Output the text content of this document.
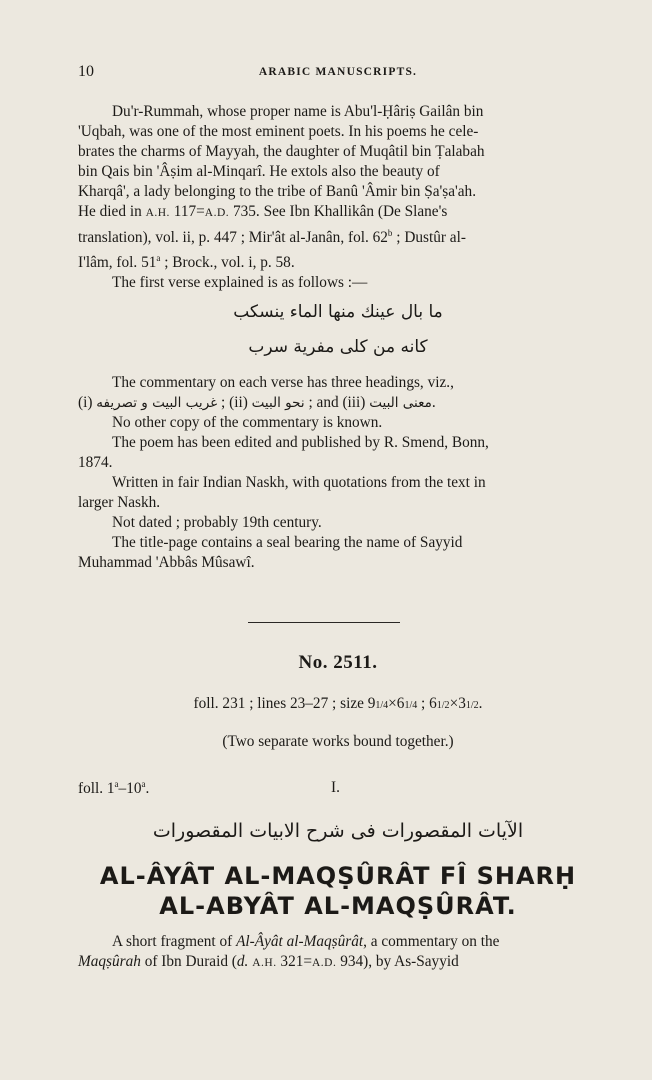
10	ARABIC MANUSCRIPTS.

Du'r-Rummah, whose proper name is Abu'l-Ḥâriṣ Gailân bin

'Uqbah, was one of the most eminent poets. In his poems he cele-

brates the charms of Mayyah, the daughter of Muqâtil bin Ṭalabah

bin Qais bin 'Âṣim al-Minqarî. He extols also the beauty of

Kharqâ', a lady belonging to the tribe of Banû 'Âmir bin Ṣa'ṣa'ah.

He died in A.H. 117=A.D. 735. See Ibn Khallikân (De Slane's

translation), vol. ii, p. 447 ; Mir'ât al-Janân, fol. 62$^b$ ; Dustûr al-

I'lâm, fol. 51$^a$ ; Brock., vol. i, p. 58.

The first verse explained is as follows :—

ما بال عينك منها الماء ينسكب
كانه من كلى مفرية سرب

The commentary on each verse has three headings, viz.,

(i) غريب البيت و تصريفه ; (ii) نحو البيت ; and (iii) معنى البيت.

No other copy of the commentary is known.

The poem has been edited and published by R. Smend, Bonn,

1874.

Written in fair Indian Naskh, with quotations from the text in

larger Naskh.

Not dated ; probably 19th century.

The title-page contains a seal bearing the name of Sayyid

Muhammad 'Abbâs Mûsawî.

No. 2511.
foll. 231 ; lines 23–27 ; size 91/4×61/4 ; 61/2×31/2.
(Two separate works bound together.)
foll. 1$^a$–10$^a$.	I.
الآيات المقصورات فى شرح الابيات المقصورات
AL-ÂYÂT AL-MAQṢÛRÂT FÎ SHARḤ
AL-ABYÂT AL-MAQṢÛRÂT.

A short fragment of Al-Âyât al-Maqṣûrât, a commentary on the

Maqṣûrah of Ibn Duraid (d. A.H. 321=A.D. 934), by As-Sayyid
